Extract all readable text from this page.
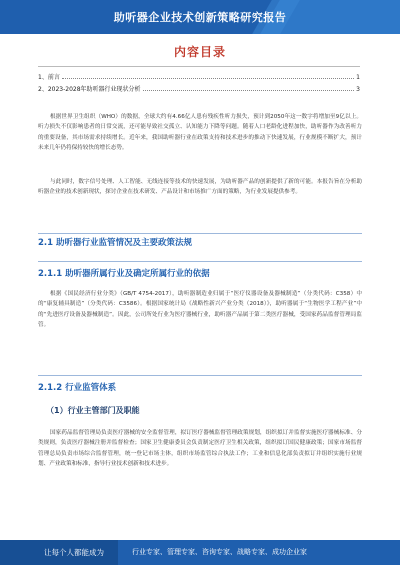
助听器企业技术创新策略研究报告
内容目录
1、前言	1
2、2023-2028年助听器行业现状分析	3

根据世界卫生组织（WHO）的数据，全球大约有4.66亿人患有残疾性听力损失，预计到2050年这一数字将增加至9亿以上。听力损失不仅影响患者的日常交流，还可能导致社交孤立、认知能力下降等问题。随着人口老龄化进程加快，助听器作为改善听力的重要设备，其市场需求持续增长。近年来，我国助听器行业在政策支持和技术进步的推动下快速发展，行业规模不断扩大，预计未来几年仍将保持较快的增长态势。

与此同时，数字信号处理、人工智能、无线连接等技术的快速发展，为助听器产品的创新提供了新的可能。本报告旨在分析助听器企业的技术创新现状，探讨企业在技术研发、产品设计和市场推广方面的策略，为行业发展提供参考。

2.1 助听器行业监管情况及主要政策法规
2.1.1 助听器所属行业及确定所属行业的依据

根据《国民经济行业分类》（GB/T 4754-2017），助听器制造业归属于“医疗仪器设备及器械制造”（分类代码：C358）中的“康复辅具制造”（分类代码：C3586）。根据国家统计局《战略性新兴产业分类（2018）》，助听器属于“生物医学工程产业”中的“先进医疗设备及器械制造”。因此，公司所处行业为医疗器械行业，助听器产品属于第二类医疗器械，受国家药品监督管理局监管。

2.1.2 行业监管体系
（1）行业主管部门及职能

国家药品监督管理局负责医疗器械的安全监督管理，拟订医疗器械监督管理政策规划，组织拟订并监督实施医疗器械标准、分类规则，负责医疗器械注册并监督检查；国家卫生健康委员会负责制定医疗卫生相关政策，组织拟订国民健康政策；国家市场监督管理总局负责市场综合监督管理，统一登记市场主体，组织市场监管综合执法工作；工业和信息化部负责拟订并组织实施行业规划、产业政策和标准，指导行业技术创新和技术进步。

让每个人都能成为	行业专家、管理专家、咨询专家、战略专家、成功企业家
